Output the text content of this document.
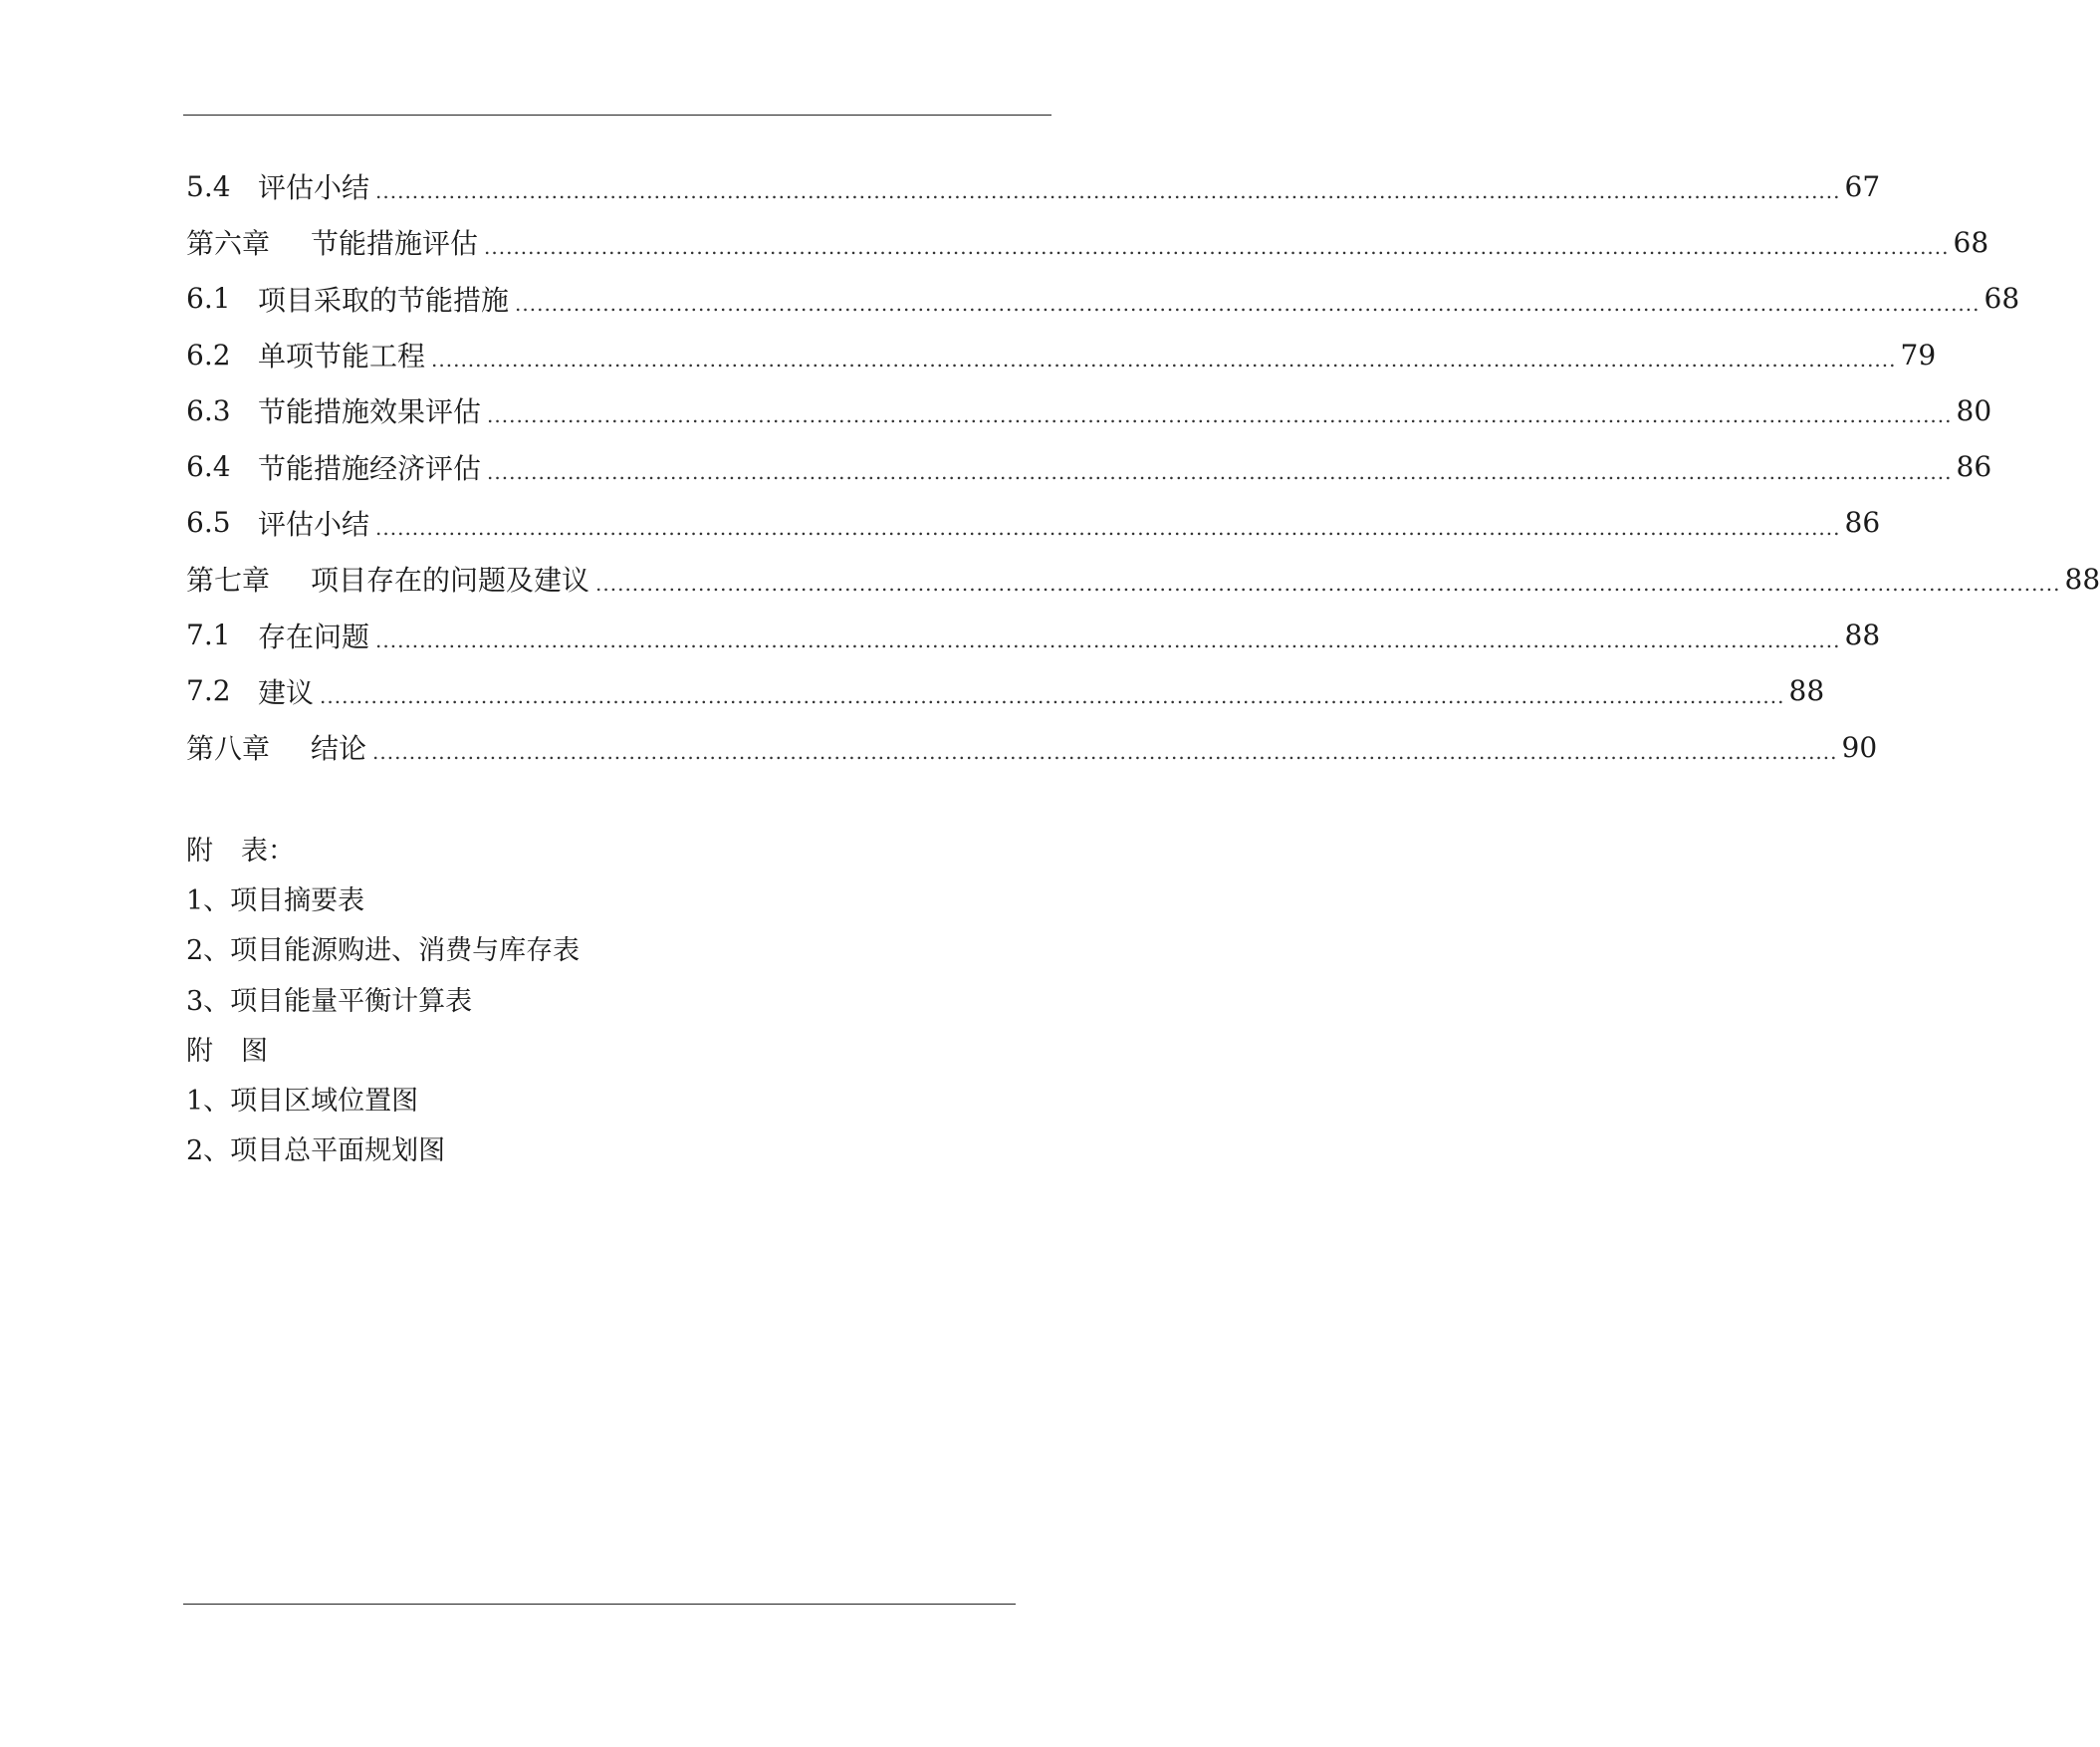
5.4 评估小结 ........................................................................................................................................................................................................ 67
第六章	节能措施评估 ........................................................................................................................................................................................................ 68
6.1 项目采取的节能措施 ........................................................................................................................................................................................................ 68
6.2 单项节能工程 ........................................................................................................................................................................................................ 79
6.3 节能措施效果评估 ........................................................................................................................................................................................................ 80
6.4 节能措施经济评估 ........................................................................................................................................................................................................ 86
6.5 评估小结 ........................................................................................................................................................................................................ 86
第七章	项目存在的问题及建议 ........................................................................................................................................................................................................ 88
7.1 存在问题 ........................................................................................................................................................................................................ 88
7.2 建议 ........................................................................................................................................................................................................ 88
第八章	结论 ........................................................................................................................................................................................................ 90
附 表：
1、项目摘要表
2、项目能源购进、消费与库存表
3、项目能量平衡计算表
附 图
1、项目区域位置图
2、项目总平面规划图
